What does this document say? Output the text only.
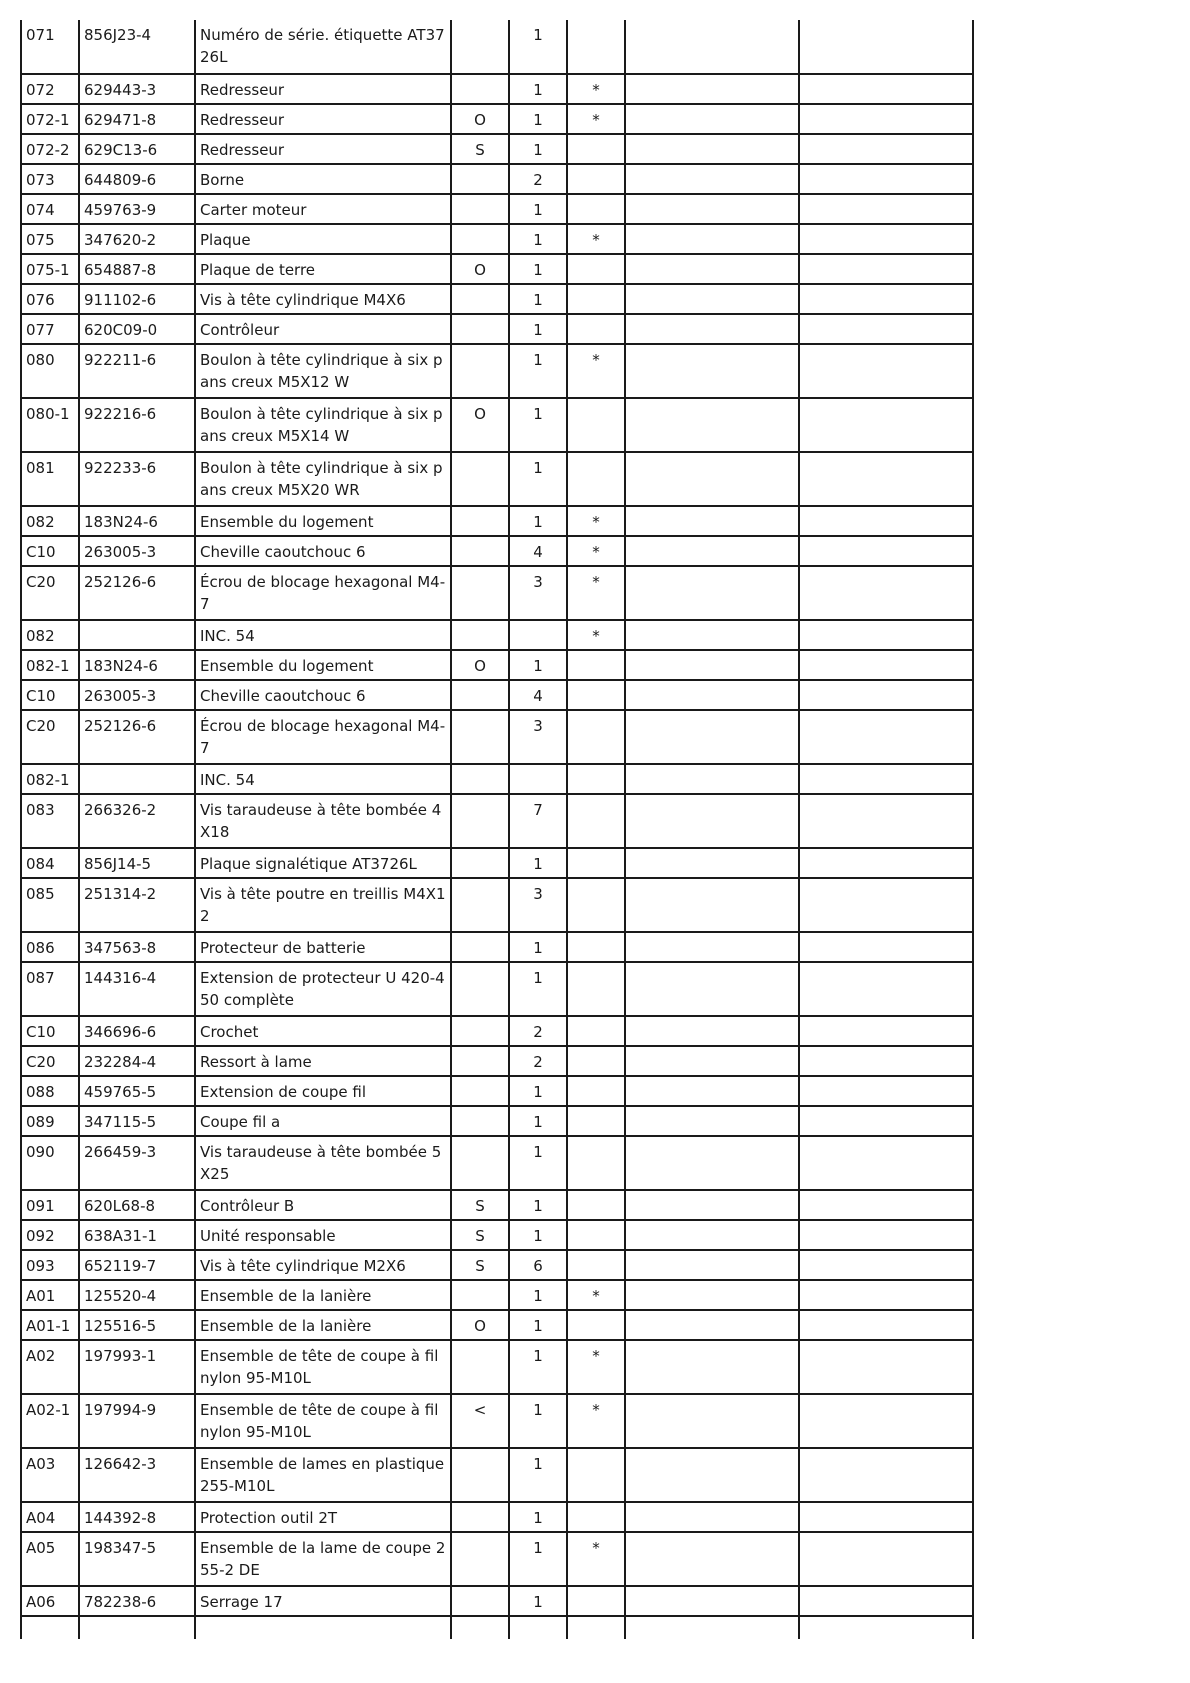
071	856J23-4	Numéro de série. étiquette AT3726L		1			
072	629443-3	Redresseur		1	*		
072-1	629471-8	Redresseur	O	1	*		
072-2	629C13-6	Redresseur	S	1			
073	644809-6	Borne		2			
074	459763-9	Carter moteur		1			
075	347620-2	Plaque		1	*		
075-1	654887-8	Plaque de terre	O	1			
076	911102-6	Vis à tête cylindrique M4X6		1			
077	620C09-0	Contrôleur		1			
080	922211-6	Boulon à tête cylindrique à six pans creux M5X12 W		1	*		
080-1	922216-6	Boulon à tête cylindrique à six pans creux M5X14 W	O	1			
081	922233-6	Boulon à tête cylindrique à six pans creux M5X20 WR		1			
082	183N24-6	Ensemble du logement		1	*		
C10	263005-3	Cheville caoutchouc 6		4	*		
C20	252126-6	Écrou de blocage hexagonal M4-7		3	*		
082		INC. 54			*		
082-1	183N24-6	Ensemble du logement	O	1			
C10	263005-3	Cheville caoutchouc 6		4			
C20	252126-6	Écrou de blocage hexagonal M4-7		3			
082-1		INC. 54					
083	266326-2	Vis taraudeuse à tête bombée 4X18		7			
084	856J14-5	Plaque signalétique AT3726L		1			
085	251314-2	Vis à tête poutre en treillis M4X12		3			
086	347563-8	Protecteur de batterie		1			
087	144316-4	Extension de protecteur U 420-450 complète		1			
C10	346696-6	Crochet		2			
C20	232284-4	Ressort à lame		2			
088	459765-5	Extension de coupe fil		1			
089	347115-5	Coupe fil a		1			
090	266459-3	Vis taraudeuse à tête bombée 5X25		1			
091	620L68-8	Contrôleur B	S	1			
092	638A31-1	Unité responsable	S	1			
093	652119-7	Vis à tête cylindrique M2X6	S	6			
A01	125520-4	Ensemble de la lanière		1	*		
A01-1	125516-5	Ensemble de la lanière	O	1			
A02	197993-1	Ensemble de tête de coupe à fil nylon 95-M10L		1	*		
A02-1	197994-9	Ensemble de tête de coupe à fil nylon 95-M10L	<	1	*		
A03	126642-3	Ensemble de lames en plastique 255-M10L		1			
A04	144392-8	Protection outil 2T		1			
A05	198347-5	Ensemble de la lame de coupe 255-2 DE		1	*		
A06	782238-6	Serrage 17		1			
